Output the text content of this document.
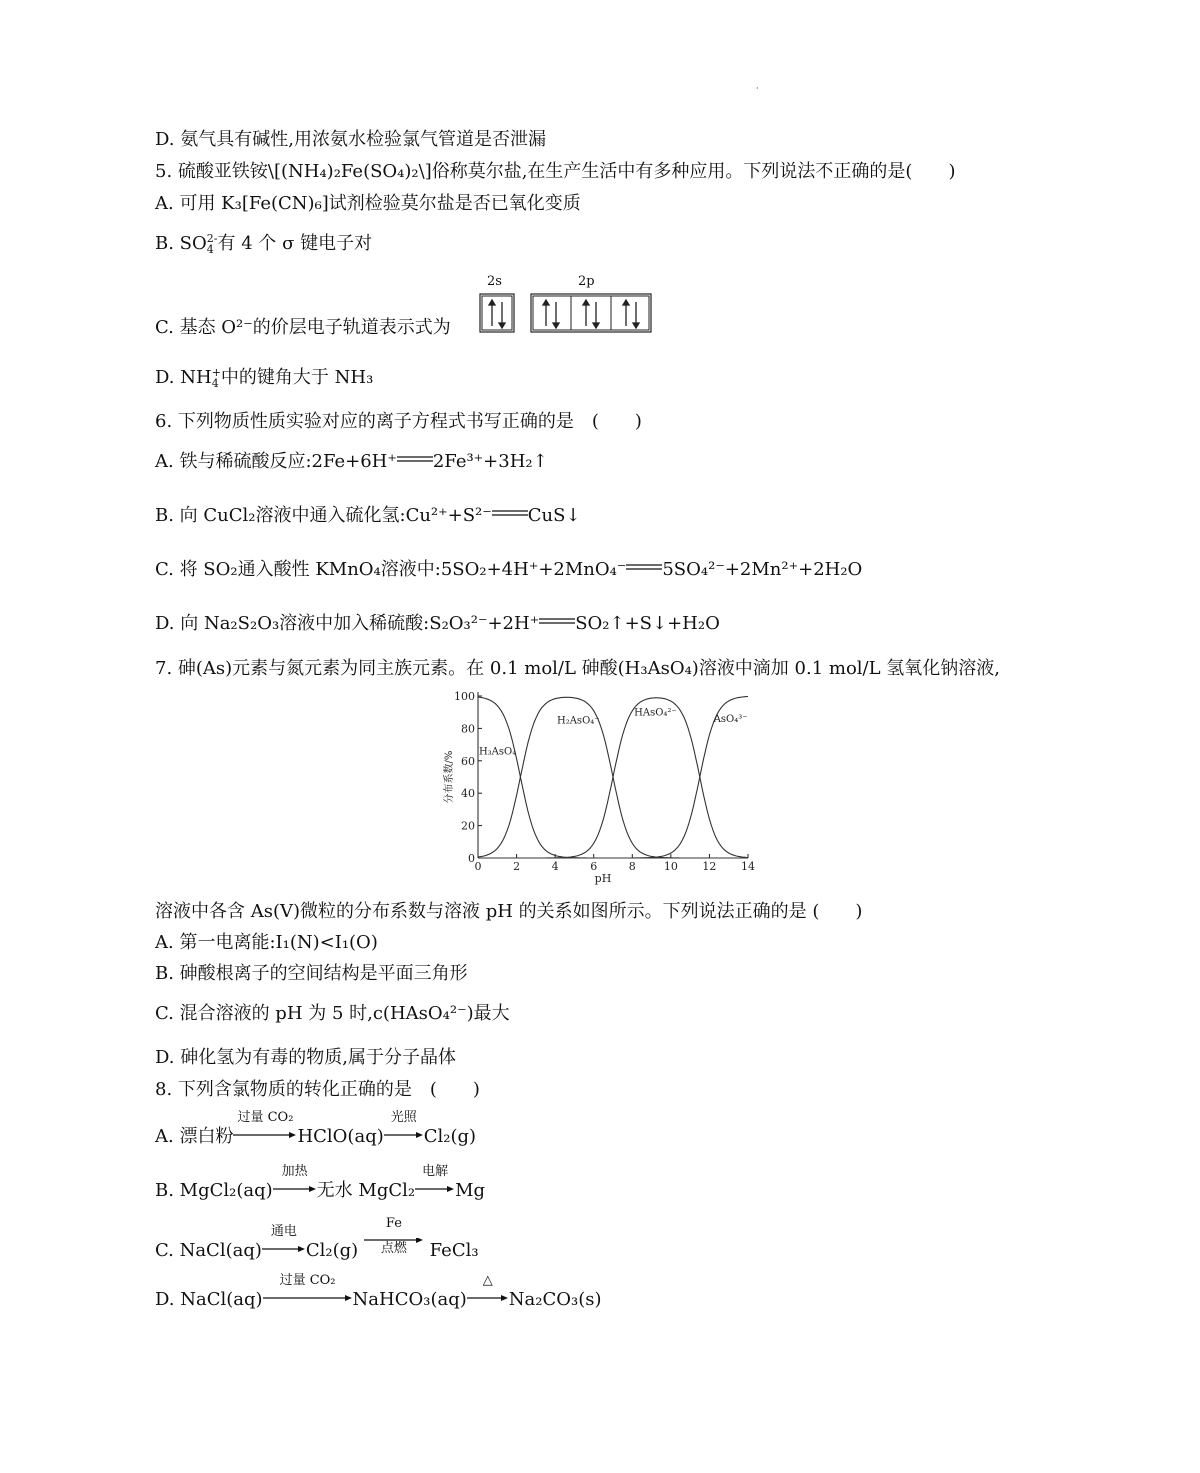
·
D. 氨气具有碱性,用浓氨水检验氯气管道是否泄漏
5. 硫酸亚铁铵\[(NH₄)₂Fe(SO₄)₂\]俗称莫尔盐,在生产生活中有多种应用。下列说法不正确的是(　　)
A. 可用 K₃[Fe(CN)₆]试剂检验莫尔盐是否已氧化变质
B. SO 2-
4 有 4 个 σ 键电子对
C. 基态 O²⁻的价层电子轨道表示式为
2s	2p
D. NH +
4 中的键角大于 NH₃
6. 下列物质性质实验对应的离子方程式书写正确的是　(　　)
A. 铁与稀硫酸反应:2Fe+6H⁺ 2Fe³⁺+3H₂↑
B. 向 CuCl₂溶液中通入硫化氢:Cu²⁺+S²⁻ CuS↓
C. 将 SO₂通入酸性 KMnO₄溶液中:5SO₂+4H⁺+2MnO₄⁻ 5SO₄²⁻+2Mn²⁺+2H₂O
D. 向 Na₂S₂O₃溶液中加入稀硫酸:S₂O₃²⁻+2H⁺ SO₂↑+S↓+H₂O
7. 砷(As)元素与氮元素为同主族元素。在 0.1 mol/L 砷酸(H₃AsO₄)溶液中滴加 0.1 mol/L 氢氧化钠溶液,
0	2	4	6	8	10 12 14
0
20
40
60
80
100
pH
分布系数/% H₃AsO₄
H₂AsO₄⁻
HAsO₄²⁻
AsO₄³⁻
溶液中各含 As(Ⅴ)微粒的分布系数与溶液 pH 的关系如图所示。下列说法正确的是 (　　)
A. 第一电离能:I₁(N)<I₁(O)
B. 砷酸根离子的空间结构是平面三角形
C. 混合溶液的 pH 为 5 时,c(HAsO₄²⁻)最大
D. 砷化氢为有毒的物质,属于分子晶体
8. 下列含氯物质的转化正确的是　(　　)
A. 漂白粉
过量 CO₂
HClO(aq)
光照
Cl₂(g)
B. MgCl₂(aq)
加热
无水 MgCl₂
电解
Mg
C. NaCl(aq)
通电
Cl₂(g)
Fe
点燃	FeCl₃
D. NaCl(aq)
过量 CO₂
NaHCO₃(aq)
△
Na₂CO₃(s)
